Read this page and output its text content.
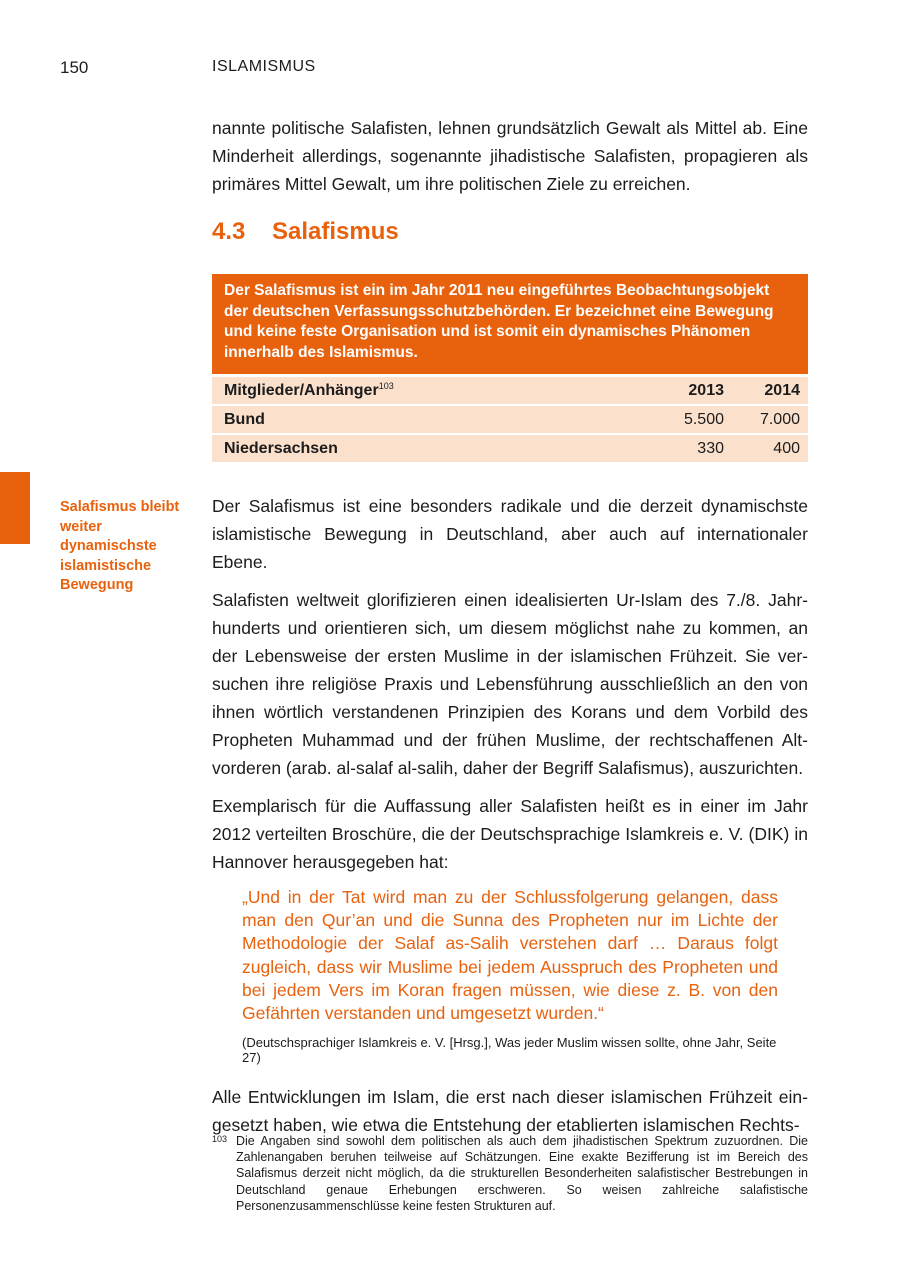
150	ISLAMISMUS
Salafismus bleibt weiter dynamischste islamistische Bewegung

nannte politische Salafisten, lehnen grundsätzlich Gewalt als Mittel ab. Eine Minderheit allerdings, sogenannte jihadistische Salafisten, propagieren als primäres Mittel Gewalt, um ihre politischen Ziele zu erreichen.

4.3 Salafismus
Der Salafismus ist ein im Jahr 2011 neu eingeführtes Beobachtungsobjekt der deutschen Verfassungsschutzbehörden. Er bezeichnet eine Bewegung und keine feste Organisation und ist somit ein dynamisches Phänomen innerhalb des Islamismus.
Mitglieder/Anhänger$^{103}$	2013	2014
Bund	5.500	7.000
Niedersachsen	330	400

Der Salafismus ist eine besonders radikale und die derzeit dynamischste islamistische Bewegung in Deutschland, aber auch auf internationaler Ebene.

Salafisten weltweit glorifizieren einen idealisierten Ur-Islam des 7./8. Jahrhunderts und orientieren sich, um diesem möglichst nahe zu kommen, an der Lebensweise der ersten Muslime in der islamischen Frühzeit. Sie versuchen ihre religiöse Praxis und Lebensführung ausschließlich an den von ihnen wörtlich verstandenen Prinzipien des Korans und dem Vorbild des Propheten Muhammad und der frühen Muslime, der rechtschaffenen Altvorderen (arab. al-salaf al-salih, daher der Begriff Salafismus), auszurichten.

Exemplarisch für die Auffassung aller Salafisten heißt es in einer im Jahr 2012 verteilten Broschüre, die der Deutschsprachige Islamkreis e. V. (DIK) in Hannover herausgegeben hat:

„Und in der Tat wird man zu der Schlussfolgerung gelangen, dass man den Qur’an und die Sunna des Propheten nur im Lichte der Methodologie der Salaf as-Salih verstehen darf … Daraus folgt zugleich, dass wir Muslime bei jedem Ausspruch des Propheten und bei jedem Vers im Koran fragen müssen, wie diese z. B. von den Gefährten verstanden und umgesetzt wurden.“
(Deutschsprachiger Islamkreis e. V. [Hrsg.], Was jeder Muslim wissen sollte, ohne Jahr, Seite 27)

Alle Entwicklungen im Islam, die erst nach dieser islamischen Frühzeit eingesetzt haben, wie etwa die Entstehung der etablierten islamischen Rechts-

103 Die Angaben sind sowohl dem politischen als auch dem jihadistischen Spektrum zuzuordnen. Die Zahlenangaben beruhen teilweise auf Schätzungen. Eine exakte Bezifferung ist im Bereich des Salafismus derzeit nicht möglich, da die strukturellen Besonderheiten salafistischer Bestrebungen in Deutschland genaue Erhebungen erschweren. So weisen zahlreiche salafistische Personenzusammenschlüsse keine festen Strukturen auf.
